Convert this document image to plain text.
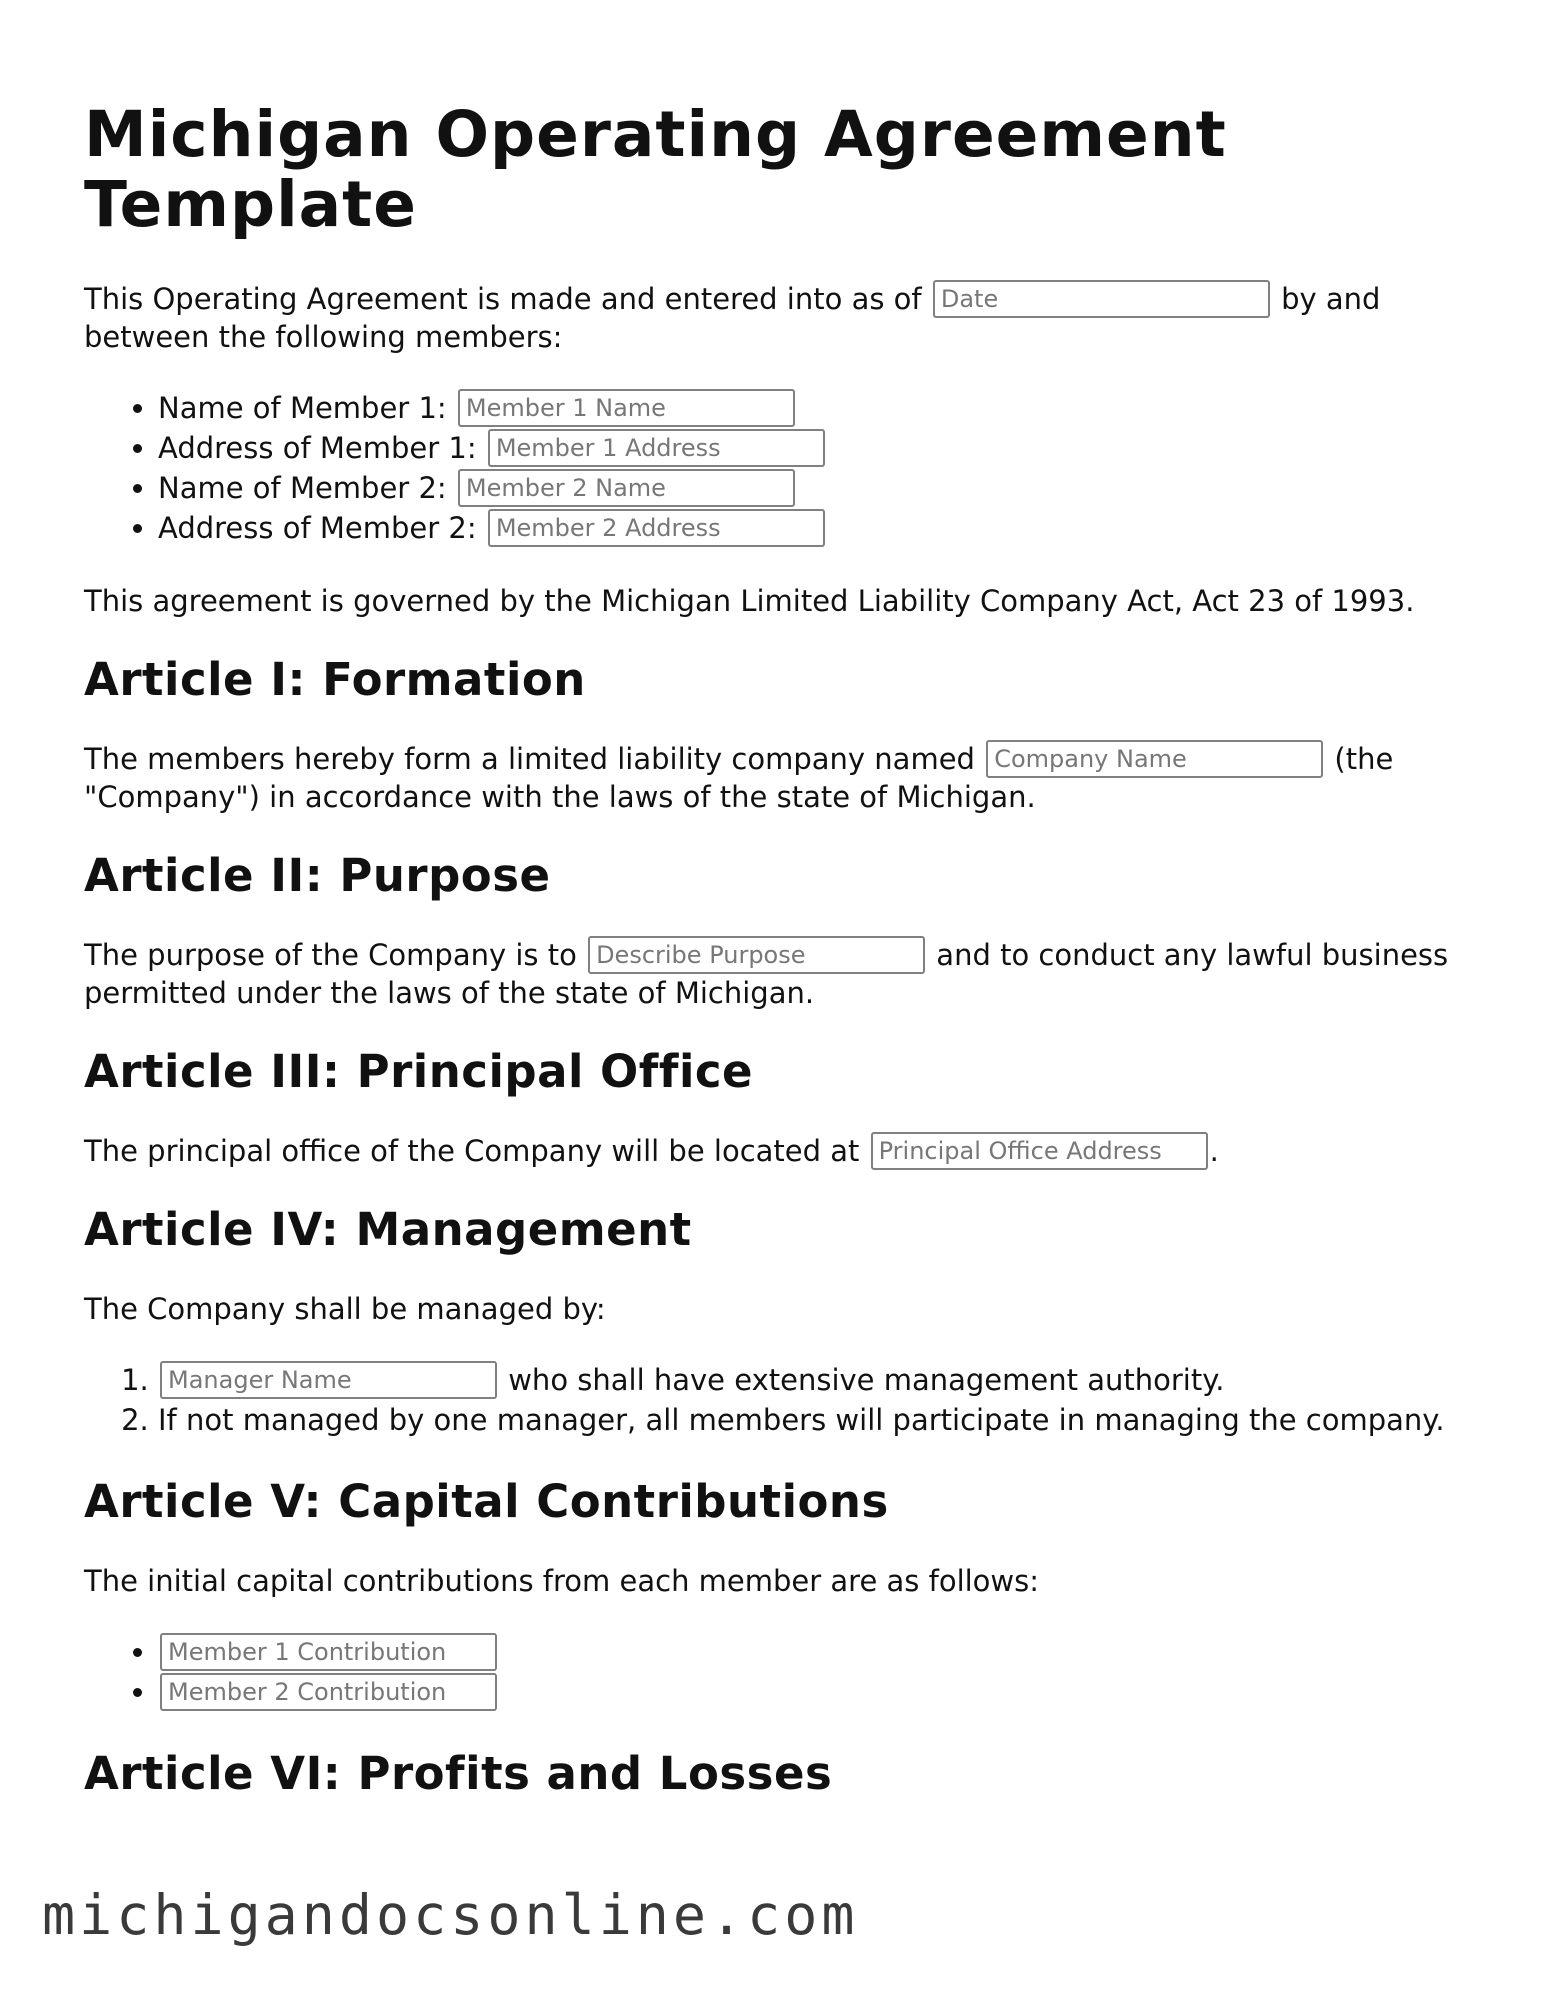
Michigan Operating Agreement Template

This Operating Agreement is made and entered into as of Date	by and between the following members:

• Name of Member 1: Member 1 Name
• Address of Member 1: Member 1 Address
• Name of Member 2: Member 2 Name
• Address of Member 2: Member 2 Address

This agreement is governed by the Michigan Limited Liability Company Act, Act 23 of 1993.

Article I: Formation

The members hereby form a limited liability company named Company Name	(the "Company") in accordance with the laws of the state of Michigan.

Article II: Purpose

The purpose of the Company is to Describe Purpose	and to conduct any lawful business permitted under the laws of the state of Michigan.

Article III: Principal Office

The principal office of the Company will be located at Principal Office Address	.

Article IV: Management

The Company shall be managed by:

Manager Name 1. who shall have extensive management authority.
2. If not managed by one manager, all members will participate in managing the company.
Article V: Capital Contributions

The initial capital contributions from each member are as follows:

• Member 1 Contribution
• Member 2 Contribution
Article VI: Profits and Losses
michigandocsonline.com
